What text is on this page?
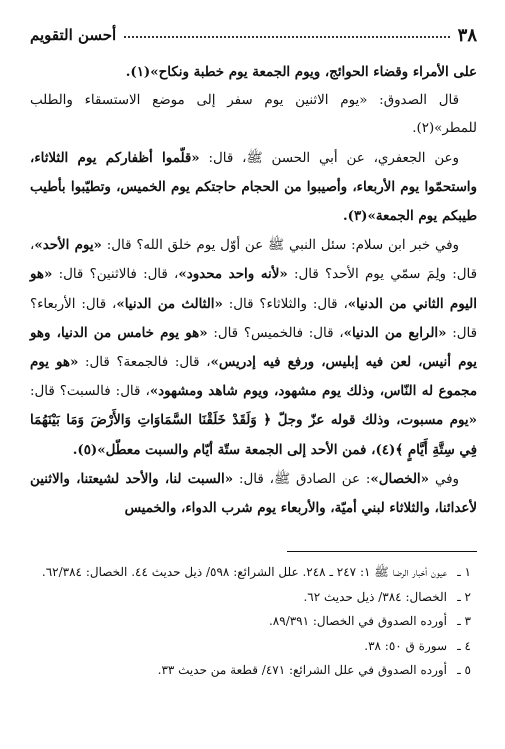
٣٨
أحسن التقويم

على الأمراء وقضاء الحوائج، ويوم الجمعة يوم خطبة ونكاح»(١).

قال الصدوق: «يوم الاثنين يوم سفر إلى موضع الاستسقاء والطلب للمطر»(٢).

وعن الجعفري، عن أبي الحسن ﷺ، قال: «قلّموا أظفاركم يوم الثلاثاء، واستحمّوا يوم الأربعاء، وأصيبوا من الحجام حاجتكم يوم الخميس، وتطيّبوا بأطيب طيبكم يوم الجمعة»(٣).

وفي خبر ابن سلام: سئل النبي ﷺ عن أوّل يوم خلق الله؟ قال: «يوم الأحد»، قال: ولِمَ سمّي يوم الأحد؟ قال: «لأنه واحد محدود»، قال: فالاثنين؟ قال: «هو اليوم الثاني من الدنيا»، قال: والثلاثاء؟ قال: «الثالث من الدنيا»، قال: الأربعاء؟ قال: «الرابع من الدنيا»، قال: فالخميس؟ قال: «هو يوم خامس من الدنيا، وهو يوم أنيس، لعن فيه إبليس، ورفع فيه إدريس»، قال: فالجمعة؟ قال: «هو يوم مجموع له النّاس، وذلك يوم مشهود، ويوم شاهد ومشهود»، قال: فالسبت؟ قال: «يوم مسبوت، وذلك قوله عزّ وجلّ ﴿ وَلَقَدْ خَلَقْنَا السَّمَاوَاتِ وَالأَرْضَ وَمَا بَيْنَهُمَا فِي سِتَّةِ أَيَّامٍ ﴾(٤)، فمن الأحد إلى الجمعة ستّة أيّام والسبت معطّل»(٥).

وفي «الخصال»: عن الصادق ﷺ، قال: «السبت لنا، والأحد لشيعتنا، والاثنين لأعدائنا، والثلاثاء لبني أميّة، والأربعاء يوم شرب الدواء، والخميس

١ ـ
عيون أخبار الرضا ﷺ ١: ٢٤٧ ـ ٢٤٨. علل الشرائع: ٥٩٨/ ذيل حديث ٤٤. الخصال: ٦٢/٣٨٤.
٢ ـ
الخصال: ٣٨٤/ ذيل حديث ٦٢.
٣ ـ
أورده الصدوق في الخصال: ٨٩/٣٩١.
٤ ـ
سورة ق ٥٠: ٣٨.
٥ ـ
أورده الصدوق في علل الشرائع: ٤٧١/ قطعة من حديث ٣٣.
